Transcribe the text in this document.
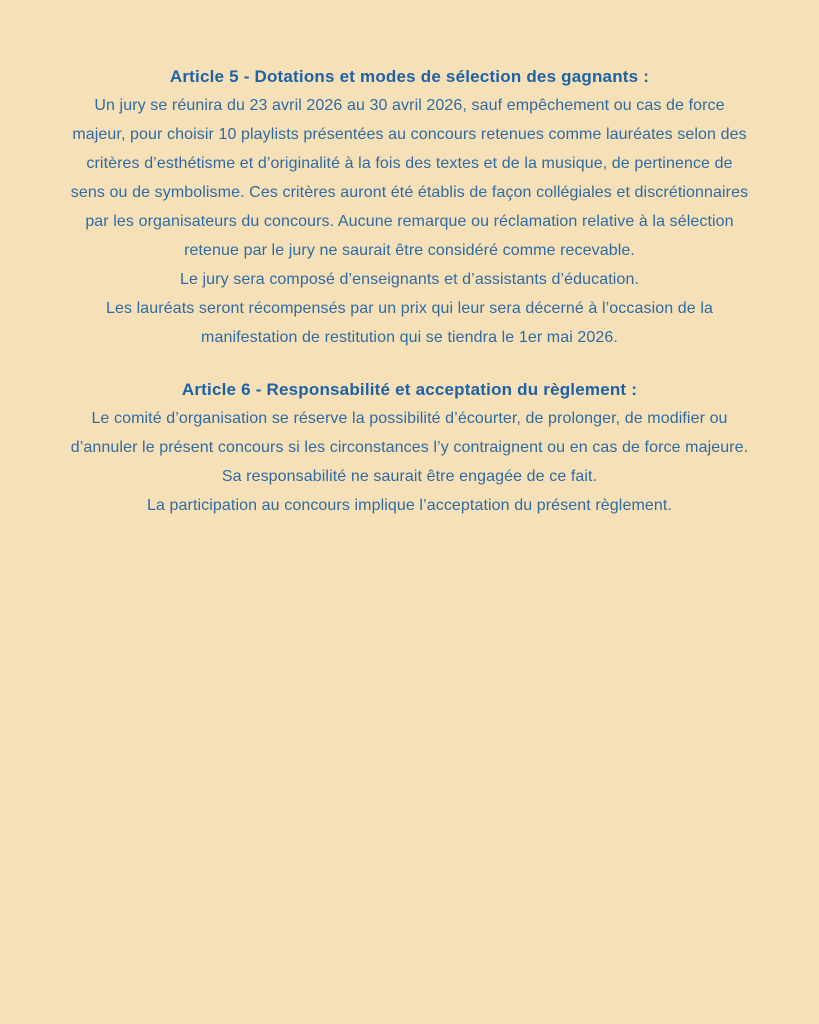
Article 5 - Dotations et modes de sélection des gagnants :

Un jury se réunira du 23 avril 2026 au 30 avril 2026, sauf empêchement ou cas de force

majeur, pour choisir 10 playlists présentées au concours retenues comme lauréates selon des

critères d’esthétisme et d’originalité à la fois des textes et de la musique, de pertinence de

sens ou de symbolisme. Ces critères auront été établis de façon collégiales et discrétionnaires

par les organisateurs du concours. Aucune remarque ou réclamation relative à la sélection

retenue par le jury ne saurait être considéré comme recevable.

Le jury sera composé d’enseignants et d’assistants d’éducation.

Les lauréats seront récompensés par un prix qui leur sera décerné à l’occasion de la

manifestation de restitution qui se tiendra le 1er mai 2026.

Article 6 - Responsabilité et acceptation du règlement :

Le comité d’organisation se réserve la possibilité d’écourter, de prolonger, de modifier ou

d’annuler le présent concours si les circonstances l’y contraignent ou en cas de force majeure.

Sa responsabilité ne saurait être engagée de ce fait.

La participation au concours implique l’acceptation du présent règlement.
